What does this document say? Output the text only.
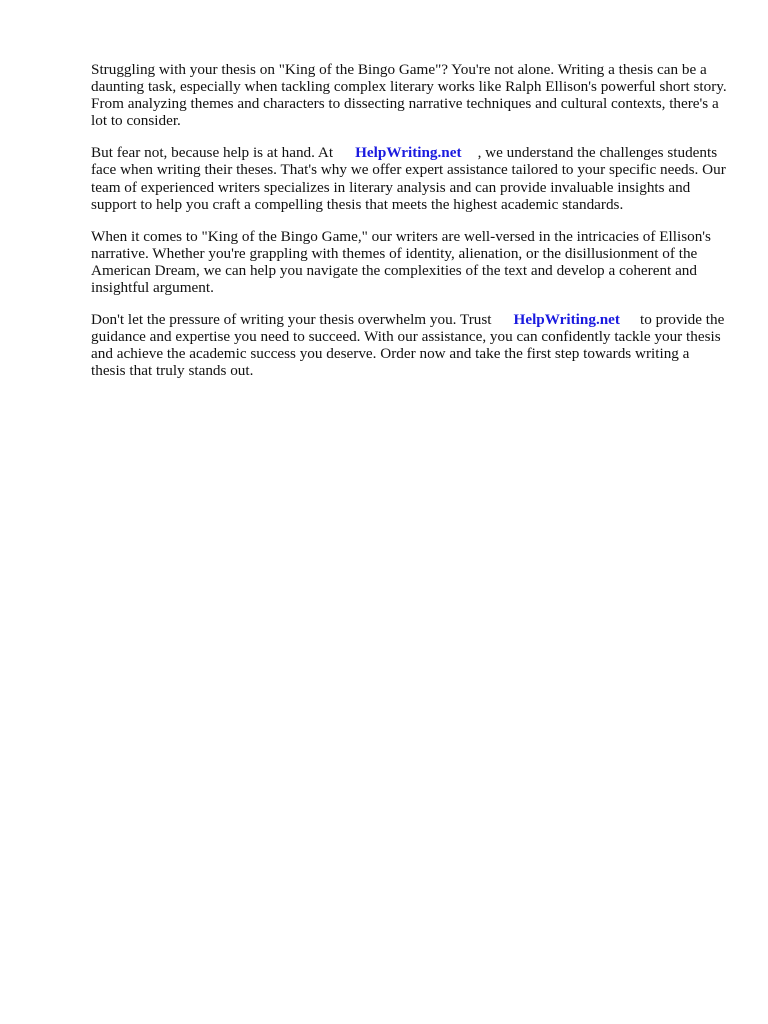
Struggling with your thesis on "King of the Bingo Game"? You're not alone. Writing a thesis can be a daunting task, especially when tackling complex literary works like Ralph Ellison's powerful short story. From analyzing themes and characters to dissecting narrative techniques and cultural contexts, there's a lot to consider.

But fear not, because help is at hand. At HelpWriting.net , we understand the challenges students face when writing their theses. That's why we offer expert assistance tailored to your specific needs. Our team of experienced writers specializes in literary analysis and can provide invaluable insights and support to help you craft a compelling thesis that meets the highest academic standards.

When it comes to "King of the Bingo Game," our writers are well-versed in the intricacies of Ellison's narrative. Whether you're grappling with themes of identity, alienation, or the disillusionment of the American Dream, we can help you navigate the complexities of the text and develop a coherent and insightful argument.

Don't let the pressure of writing your thesis overwhelm you. Trust HelpWriting.net to provide the guidance and expertise you need to succeed. With our assistance, you can confidently tackle your thesis and achieve the academic success you deserve. Order now and take the first step towards writing a thesis that truly stands out.
